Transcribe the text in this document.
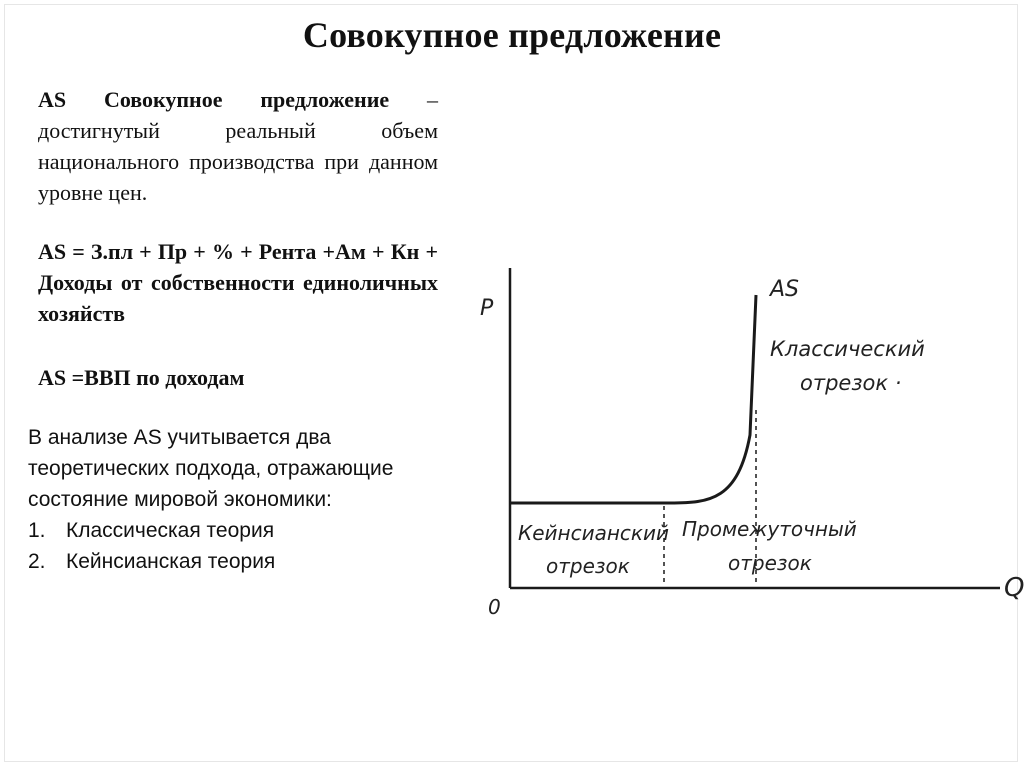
Совокупное предложение
AS Совокупное предложение – достигнутый реальный объем национального производства при данном уровне цен.
AS = З.пл + Пр + % + Рента +Ам + Кн + Доходы от собственности единоличных хозяйств
AS =ВВП по доходам
В анализе AS учитывается два теоретических подхода, отражающие состояние мировой экономики:
1. Классическая теория
2. Кейнсианская теория
P
Q
0
AS
Классический
отрезок ·
Кейнсианский
отрезок
Промежуточный
отрезок
